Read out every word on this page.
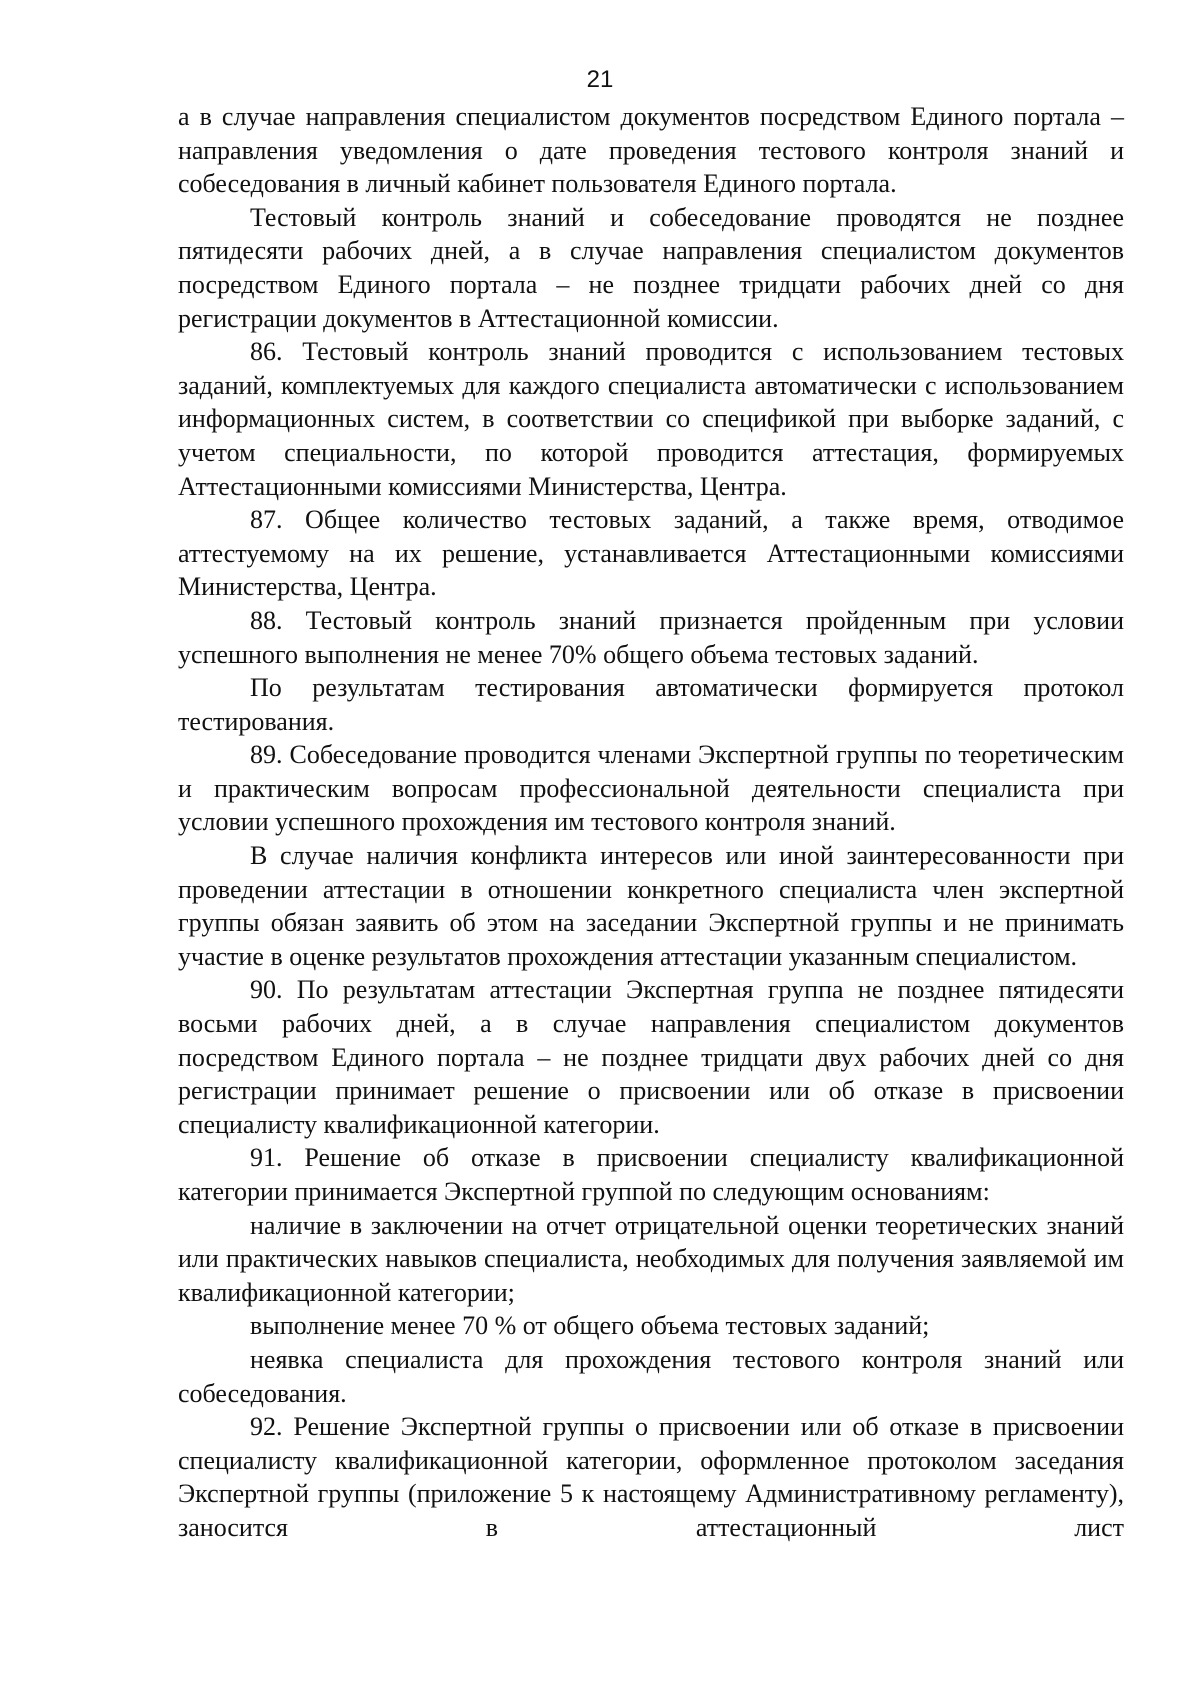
21

а в случае направления специалистом документов посредством Единого портала – направления уведомления о дате проведения тестового контроля знаний и собеседования в личный кабинет пользователя Единого портала.

Тестовый контроль знаний и собеседование проводятся не позднее пятидесяти рабочих дней, а в случае направления специалистом документов посредством Единого портала – не позднее тридцати рабочих дней со дня регистрации документов в Аттестационной комиссии.

86. Тестовый контроль знаний проводится с использованием тестовых заданий, комплектуемых для каждого специалиста автоматически с использованием информационных систем, в соответствии со спецификой при выборке заданий, с учетом специальности, по которой проводится аттестация, формируемых Аттестационными комиссиями Министерства, Центра.

87. Общее количество тестовых заданий, а также время, отводимое аттестуемому на их решение, устанавливается Аттестационными комиссиями Министерства, Центра.

88. Тестовый контроль знаний признается пройденным при условии успешного выполнения не менее 70% общего объема тестовых заданий.

По результатам тестирования автоматически формируется протокол тестирования.

89. Собеседование проводится членами Экспертной группы по теоретическим и практическим вопросам профессиональной деятельности специалиста при условии успешного прохождения им тестового контроля знаний.

В случае наличия конфликта интересов или иной заинтересованности при проведении аттестации в отношении конкретного специалиста член экспертной группы обязан заявить об этом на заседании Экспертной группы и не принимать участие в оценке результатов прохождения аттестации указанным специалистом.

90. По результатам аттестации Экспертная группа не позднее пятидесяти восьми рабочих дней, а в случае направления специалистом документов посредством Единого портала – не позднее тридцати двух рабочих дней со дня регистрации принимает решение о присвоении или об отказе в присвоении специалисту квалификационной категории.

91. Решение об отказе в присвоении специалисту квалификационной категории принимается Экспертной группой по следующим основаниям:

наличие в заключении на отчет отрицательной оценки теоретических знаний или практических навыков специалиста, необходимых для получения заявляемой им квалификационной категории;

выполнение менее 70 % от общего объема тестовых заданий;

неявка специалиста для прохождения тестового контроля знаний или собеседования.

92. Решение Экспертной группы о присвоении или об отказе в присвоении специалисту квалификационной категории, оформленное протоколом заседания Экспертной группы (приложение 5 к настоящему Административному регламенту), заносится в аттестационный лист
